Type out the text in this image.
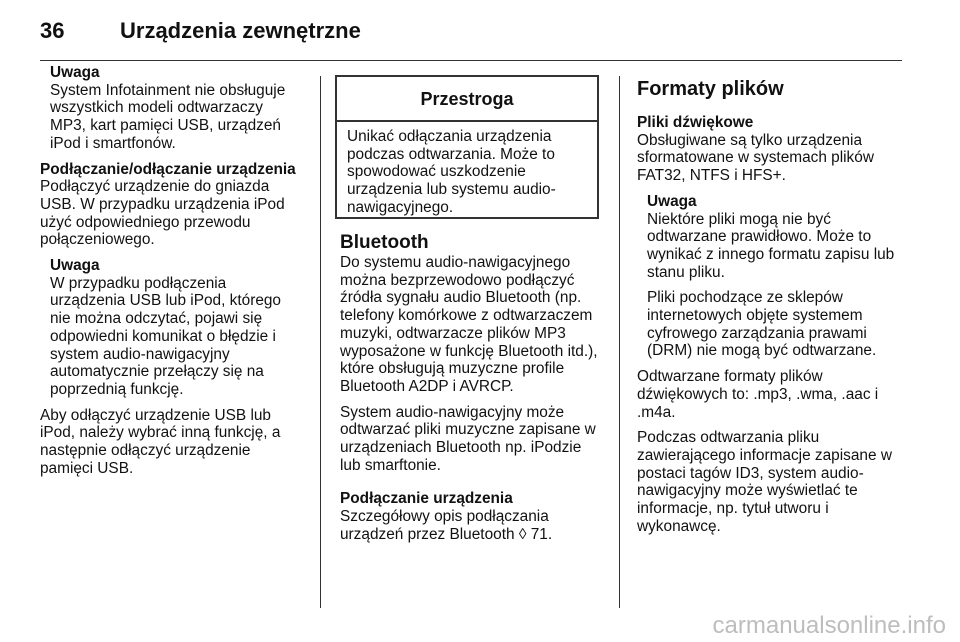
36	Urządzenia zewnętrzne
Uwaga
System Infotainment nie obsługuje wszystkich modeli odtwarzaczy MP3, kart pamięci USB, urządzeń iPod i smartfonów.

Podłączanie/odłączanie urządzenia
Podłączyć urządzenie do gniazda USB. W przypadku urządzenia iPod użyć odpowiedniego przewodu połączeniowego.

Uwaga
W przypadku podłączenia urządzenia USB lub iPod, którego nie można odczytać, pojawi się odpowiedni komunikat o błędzie i system audio-nawigacyjny automatycznie przełączy się na poprzednią funkcję.

Aby odłączyć urządzenie USB lub iPod, należy wybrać inną funkcję, a następnie odłączyć urządzenie pamięci USB.

Przestroga
Unikać odłączania urządzenia podczas odtwarzania. Może to spowodować uszkodzenie urządzenia lub systemu audio-nawigacyjnego.
Bluetooth

Do systemu audio-nawigacyjnego można bezprzewodowo podłączyć źródła sygnału audio Bluetooth (np. telefony komórkowe z odtwarzaczem muzyki, odtwarzacze plików MP3 wyposażone w funkcję Bluetooth itd.), które obsługują muzyczne profile Bluetooth A2DP i AVRCP.

System audio-nawigacyjny może odtwarzać pliki muzyczne zapisane w urządzeniach Bluetooth np. iPodzie lub smarftonie.

Podłączanie urządzenia
Szczegółowy opis podłączania urządzeń przez Bluetooth ◊ 71.

Formaty plików

Pliki dźwiękowe
Obsługiwane są tylko urządzenia sformatowane w systemach plików FAT32, NTFS i HFS+.

Uwaga
Niektóre pliki mogą nie być odtwarzane prawidłowo. Może to wynikać z innego formatu zapisu lub stanu pliku.
Pliki pochodzące ze sklepów internetowych objęte systemem cyfrowego zarządzania prawami (DRM) nie mogą być odtwarzane.

Odtwarzane formaty plików dźwiękowych to: .mp3, .wma, .aac i .m4a.

Podczas odtwarzania pliku zawierającego informacje zapisane w postaci tagów ID3, system audio-nawigacyjny może wyświetlać te informacje, np. tytuł utworu i wykonawcę.

carmanualsonline.info
